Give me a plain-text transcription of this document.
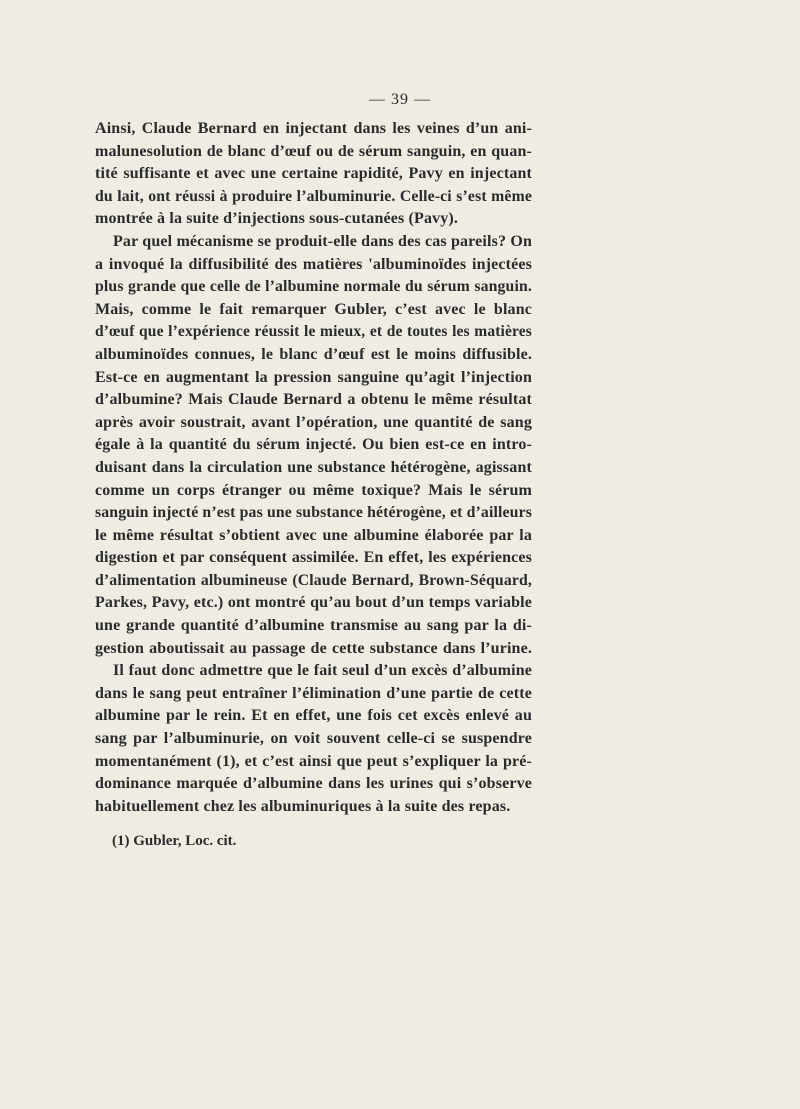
— 39 —
Ainsi, Claude Bernard en injectant dans les veines d’un ani-
malunesolution de blanc d’œuf ou de sérum sanguin, en quan-
tité suffisante et avec une certaine rapidité, Pavy en injectant
du lait, ont réussi à produire l’albuminurie. Celle-ci s’est même
montrée à la suite d’injections sous-cutanées (Pavy).
Par quel mécanisme se produit-elle dans des cas pareils? On
a invoqué la diffusibilité des matières 'albuminoïdes injectées
plus grande que celle de l’albumine normale du sérum sanguin.
Mais, comme le fait remarquer Gubler, c’est avec le blanc
d’œuf que l’expérience réussit le mieux, et de toutes les matières
albuminoïdes connues, le blanc d’œuf est le moins diffusible.
Est-ce en augmentant la pression sanguine qu’agit l’injection
d’albumine? Mais Claude Bernard a obtenu le même résultat
après avoir soustrait, avant l’opération, une quantité de sang
égale à la quantité du sérum injecté. Ou bien est-ce en intro-
duisant dans la circulation une substance hétérogène, agissant
comme un corps étranger ou même toxique? Mais le sérum
sanguin injecté n’est pas une substance hétérogène, et d’ailleurs
le même résultat s’obtient avec une albumine élaborée par la
digestion et par conséquent assimilée. En effet, les expériences
d’alimentation albumineuse (Claude Bernard, Brown-Séquard,
Parkes, Pavy, etc.) ont montré qu’au bout d’un temps variable
une grande quantité d’albumine transmise au sang par la di-
gestion aboutissait au passage de cette substance dans l’urine.
Il faut donc admettre que le fait seul d’un excès d’albumine
dans le sang peut entraîner l’élimination d’une partie de cette
albumine par le rein. Et en effet, une fois cet excès enlevé au
sang par l’albuminurie, on voit souvent celle-ci se suspendre
momentanément (1), et c’est ainsi que peut s’expliquer la pré-
dominance marquée d’albumine dans les urines qui s’observe
habituellement chez les albuminuriques à la suite des repas.
(1) Gubler, Loc. cit.
